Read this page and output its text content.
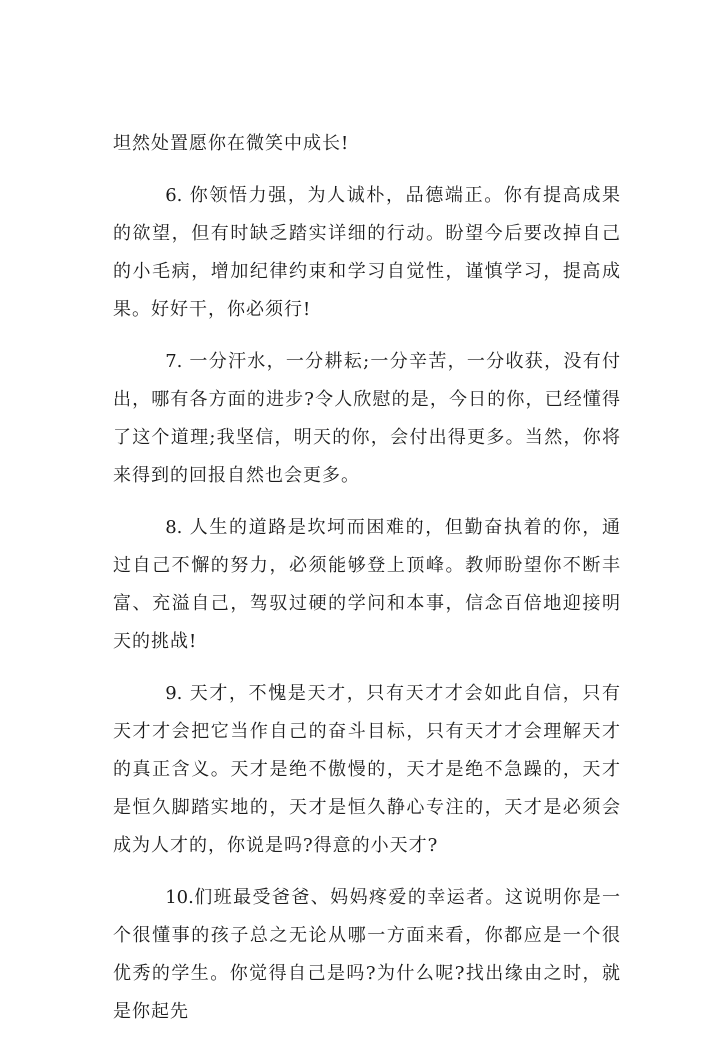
坦然处置愿你在微笑中成长!

6. 你领悟力强，为人诚朴，品德端正。你有提高成果的欲望，但有时缺乏踏实详细的行动。盼望今后要改掉自己的小毛病，增加纪律约束和学习自觉性，谨慎学习，提高成果。好好干，你必须行!

7. 一分汗水，一分耕耘;一分辛苦，一分收获，没有付出，哪有各方面的进步?令人欣慰的是，今日的你，已经懂得了这个道理;我坚信，明天的你，会付出得更多。当然，你将来得到的回报自然也会更多。

8. 人生的道路是坎坷而困难的，但勤奋执着的你，通过自己不懈的努力，必须能够登上顶峰。教师盼望你不断丰富、充溢自己，驾驭过硬的学问和本事，信念百倍地迎接明天的挑战!

9. 天才，不愧是天才，只有天才才会如此自信，只有天才才会把它当作自己的奋斗目标，只有天才才会理解天才的真正含义。天才是绝不傲慢的，天才是绝不急躁的，天才是恒久脚踏实地的，天才是恒久静心专注的，天才是必须会成为人才的，你说是吗?得意的小天才?

10.们班最受爸爸、妈妈疼爱的幸运者。这说明你是一个很懂事的孩子总之无论从哪一方面来看，你都应是一个很优秀的学生。你觉得自己是吗?为什么呢?找出缘由之时，就是你起先
